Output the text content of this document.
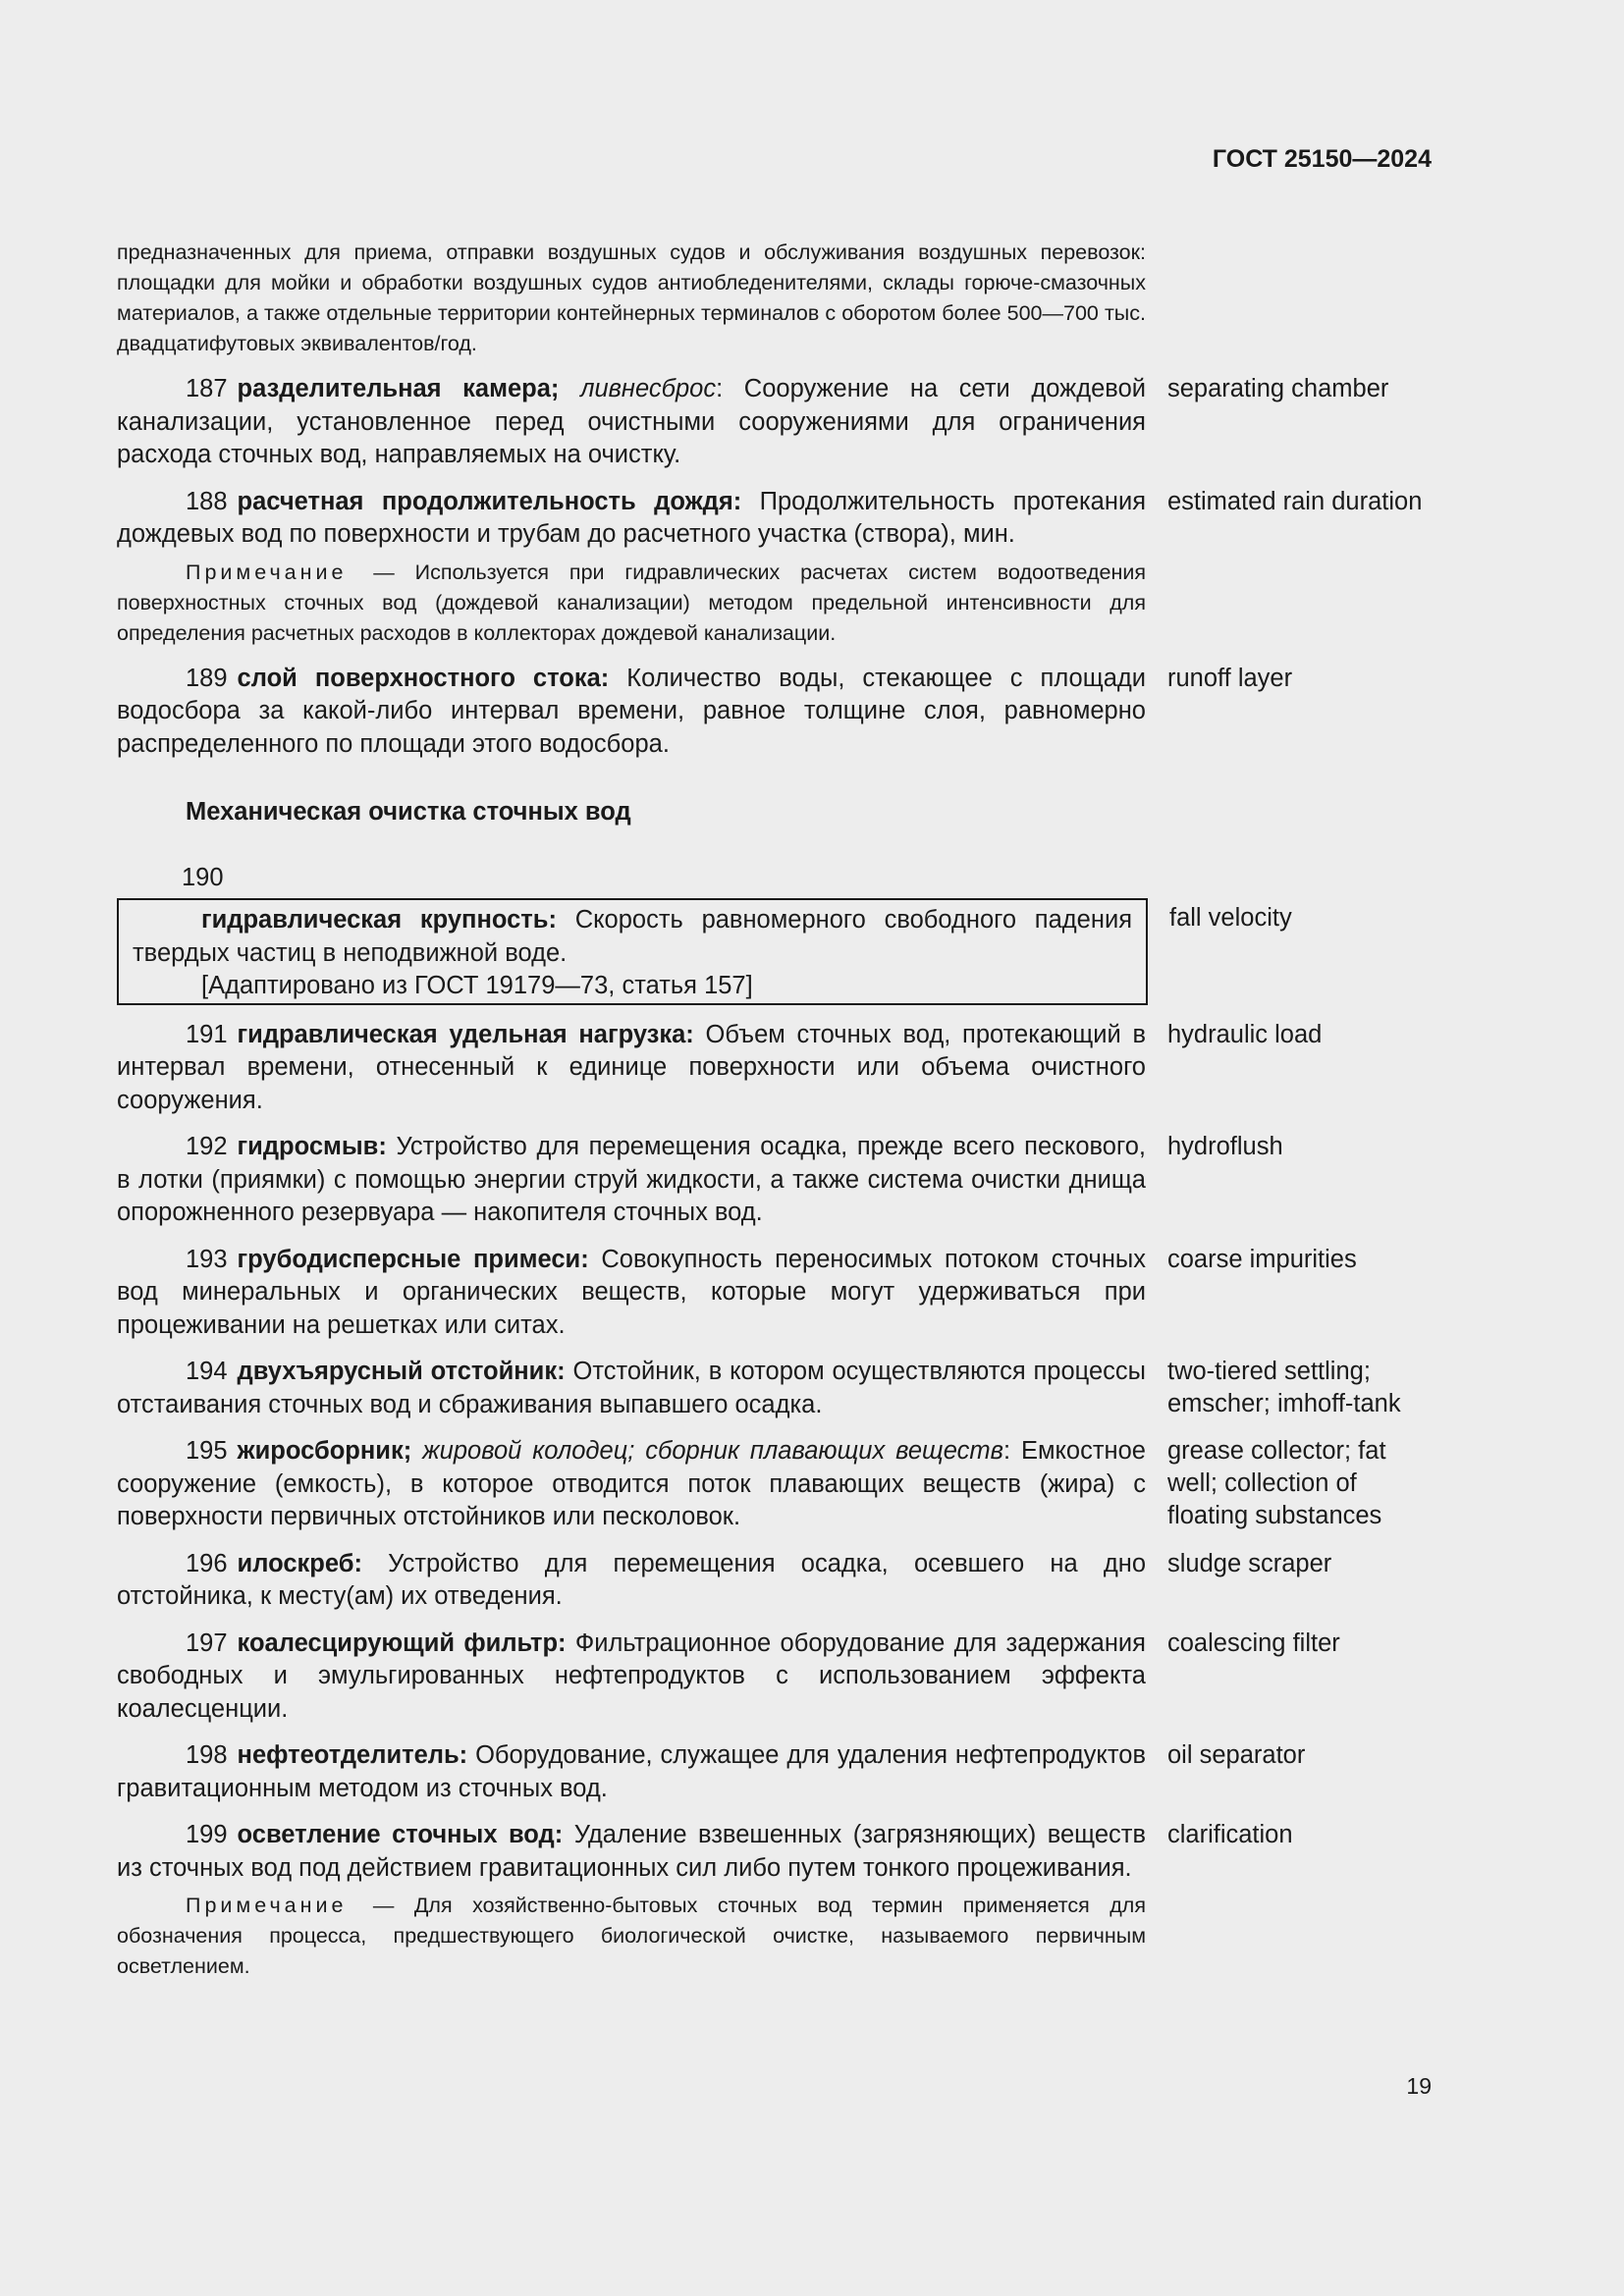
ГОСТ 25150—2024
предназначенных для приема, отправки воздушных судов и обслуживания воздушных перевозок: площадки для мойки и обработки воздушных судов антиобледенителями, склады горюче-смазочных материалов, а также отдельные территории контейнерных терминалов с оборотом более 500—700 тыс. двадцатифутовых эквивалентов/год.
187 разделительная камера; ливнесброс: Сооружение на сети дождевой канализации, установленное перед очистными сооружениями для ограничения расхода сточных вод, направляемых на очистку.
separating chamber
188 расчетная продолжительность дождя: Продолжительность протекания дождевых вод по поверхности и трубам до расчетного участка (створа), мин.
estimated rain duration
Примечание — Используется при гидравлических расчетах систем водоотведения поверхностных сточных вод (дождевой канализации) методом предельной интенсивности для определения расчетных расходов в коллекторах дождевой канализации.
189 слой поверхностного стока: Количество воды, стекающее с площади водосбора за какой-либо интервал времени, равное толщине слоя, равномерно распределенного по площади этого водосбора.
runoff layer
Механическая очистка сточных вод
190
гидравлическая крупность: Скорость равномерного свободного падения твердых частиц в неподвижной воде.
[Адаптировано из ГОСТ 19179—73, статья 157]
fall velocity
191 гидравлическая удельная нагрузка: Объем сточных вод, протекающий в интервал времени, отнесенный к единице поверхности или объема очистного сооружения.
hydraulic load
192 гидросмыв: Устройство для перемещения осадка, прежде всего пескового, в лотки (приямки) с помощью энергии струй жидкости, а также система очистки днища опорожненного резервуара — накопителя сточных вод.
hydroflush
193 грубодисперсные примеси: Совокупность переносимых потоком сточных вод минеральных и органических веществ, которые могут удерживаться при процеживании на решетках или ситах.
coarse impurities
194 двухъярусный отстойник: Отстойник, в котором осуществляются процессы отстаивания сточных вод и сбраживания выпавшего осадка.
two-tiered settling; emscher; imhoff-tank
195 жиросборник; жировой колодец; сборник плавающих веществ: Емкостное сооружение (емкость), в которое отводится поток плавающих веществ (жира) с поверхности первичных отстойников или песколовок.
grease collector; fat well; collection of floating substances
196 илоскреб: Устройство для перемещения осадка, осевшего на дно отстойника, к месту(ам) их отведения.
sludge scraper
197 коалесцирующий фильтр: Фильтрационное оборудование для задержания свободных и эмульгированных нефтепродуктов с использованием эффекта коалесценции.
coalescing filter
198 нефтеотделитель: Оборудование, служащее для удаления нефтепродуктов гравитационным методом из сточных вод.
oil separator
199 осветление сточных вод: Удаление взвешенных (загрязняющих) веществ из сточных вод под действием гравитационных сил либо путем тонкого процеживания.
clarification
Примечание — Для хозяйственно-бытовых сточных вод термин применяется для обозначения процесса, предшествующего биологической очистке, называемого первичным осветлением.
19
